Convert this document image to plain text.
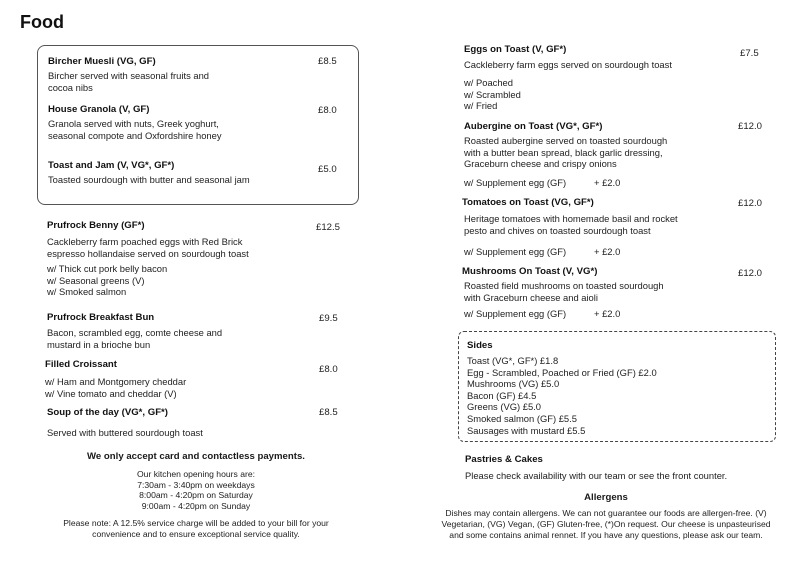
Food
Bircher Muesli (VG, GF)	£8.5
Bircher served with seasonal fruits and
cocoa nibs
House Granola (V, GF)	£8.0
Granola served with nuts, Greek yoghurt,
seasonal compote and Oxfordshire honey
Toast and Jam (V, VG*, GF*)	£5.0
Toasted sourdough with butter and seasonal jam
Prufrock Benny (GF*)	£12.5
Cackleberry farm poached eggs with Red Brick
espresso hollandaise served on sourdough toast
w/ Thick cut pork belly bacon
w/ Seasonal greens (V)
w/ Smoked salmon
Prufrock Breakfast Bun	£9.5
Bacon, scrambled egg, comte cheese and
mustard in a brioche bun
Filled Croissant	£8.0
w/ Ham and Montgomery cheddar
w/ Vine tomato and cheddar (V)
Soup of the day (VG*, GF*)	£8.5
Served with buttered sourdough toast
We only accept card and contactless payments.
Our kitchen opening hours are:
7:30am - 3:40pm on weekdays
8:00am - 4:20pm on Saturday
9:00am - 4:20pm on Sunday
Please note: A 12.5% service charge will be added to your bill for your
convenience and to ensure exceptional service quality.
Eggs on Toast (V, GF*)	£7.5
Cackleberry farm eggs served on sourdough toast
w/ Poached
w/ Scrambled
w/ Fried
Aubergine on Toast (VG*, GF*)	£12.0
Roasted aubergine served on toasted sourdough
with a butter bean spread, black garlic dressing,
Graceburn cheese and crispy onions
w/ Supplement egg (GF)	+ £2.0
Tomatoes on Toast (VG, GF*)	£12.0
Heritage tomatoes with homemade basil and rocket
pesto and chives on toasted sourdough toast
w/ Supplement egg (GF)	+ £2.0
Mushrooms On Toast (V, VG*)	£12.0
Roasted field mushrooms on toasted sourdough
with Graceburn cheese and aioli
w/ Supplement egg (GF)	+ £2.0
Sides
Toast (VG*, GF*) £1.8
Egg - Scrambled, Poached or Fried (GF) £2.0
Mushrooms (VG) £5.0
Bacon (GF) £4.5
Greens (VG) £5.0
Smoked salmon (GF) £5.5
Sausages with mustard £5.5
Pastries & Cakes
Please check availability with our team or see the front counter.
Allergens
Dishes may contain allergens. We can not guarantee our foods are allergen-free. (V)
Vegetarian, (VG) Vegan, (GF) Gluten-free, (*)On request. Our cheese is unpasteurised
and some contains animal rennet. If you have any questions, please ask our team.
